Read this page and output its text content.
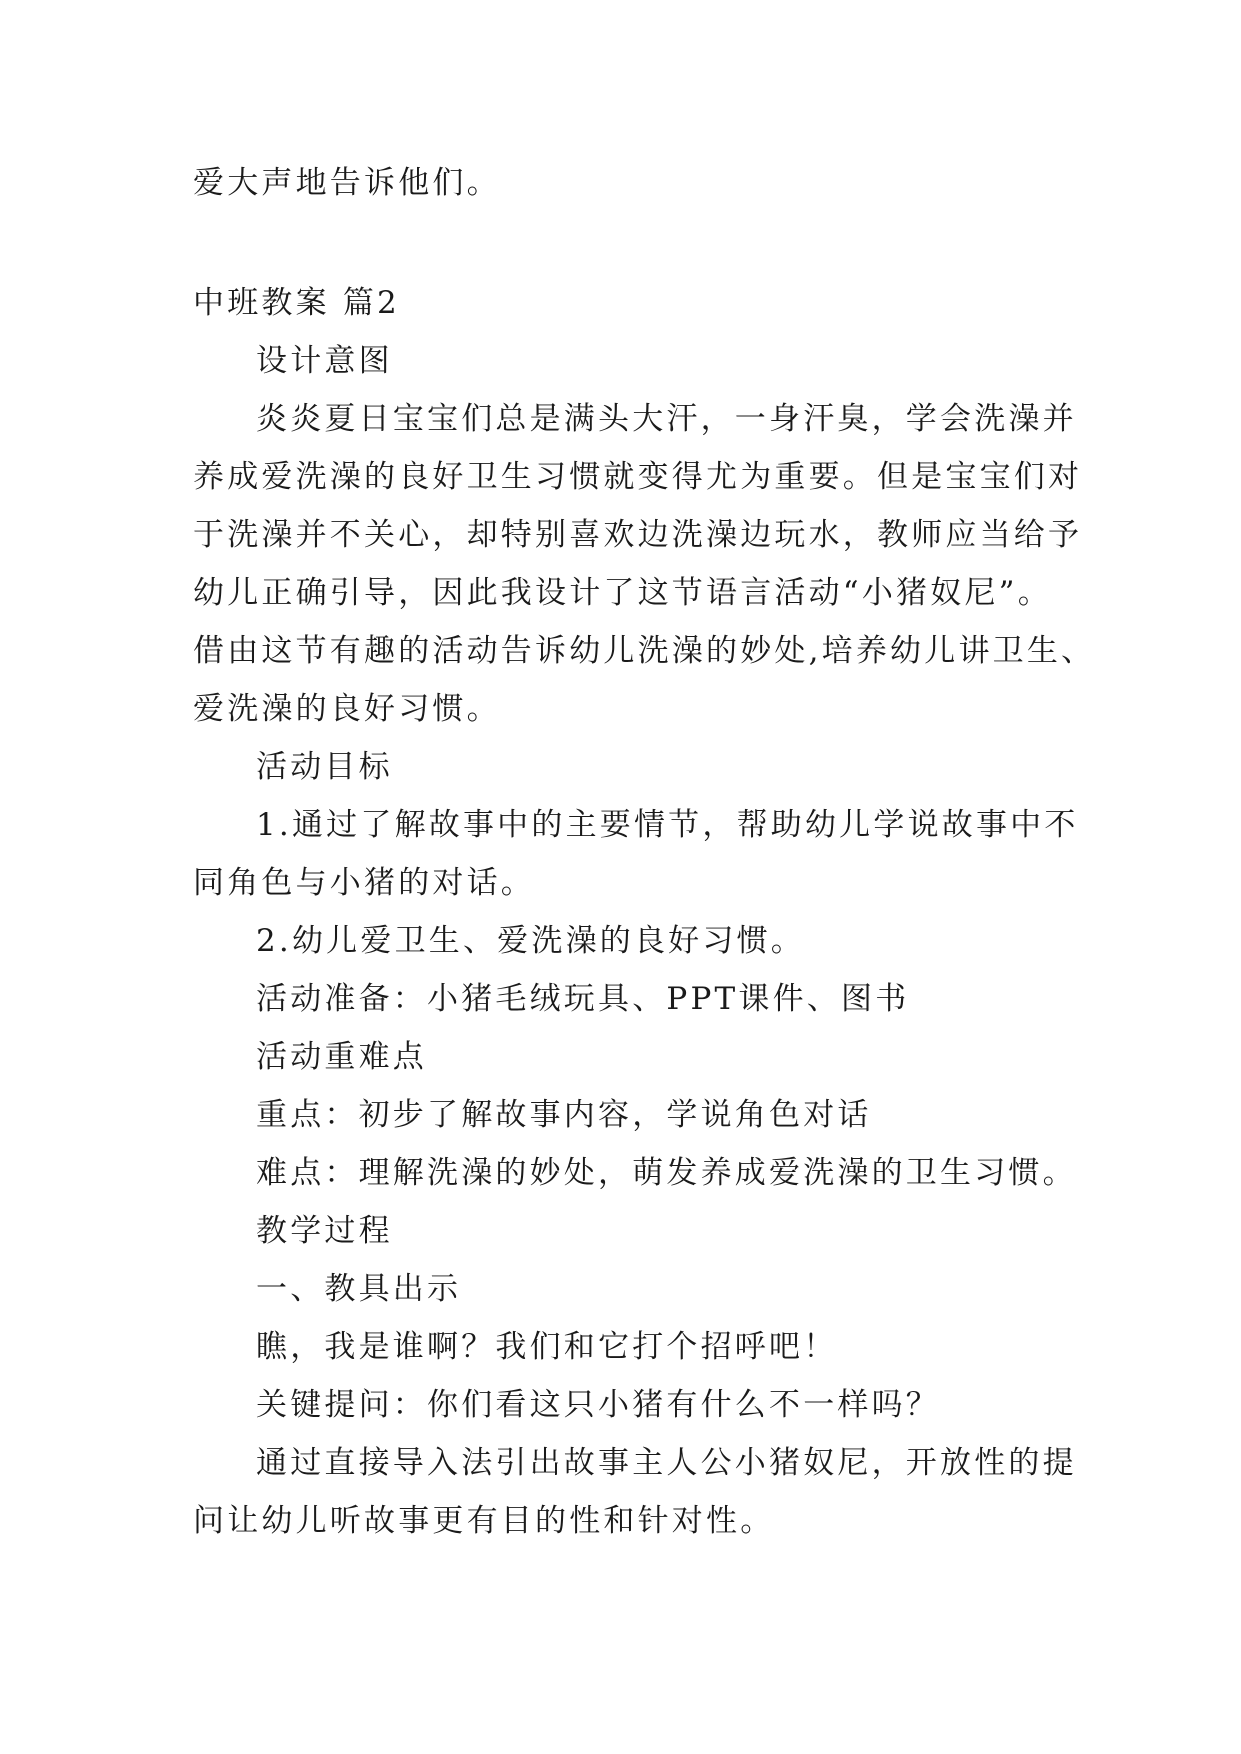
爱大声地告诉他们。
中班教案 篇2
设计意图
炎炎夏日宝宝们总是满头大汗，一身汗臭，学会洗澡并
养成爱洗澡的良好卫生习惯就变得尤为重要。但是宝宝们对
于洗澡并不关心，却特别喜欢边洗澡边玩水，教师应当给予
幼儿正确引导，因此我设计了这节语言活动“小猪奴尼”。
借由这节有趣的活动告诉幼儿洗澡的妙处,培养幼儿讲卫生、
爱洗澡的良好习惯。
活动目标
1.通过了解故事中的主要情节，帮助幼儿学说故事中不
同角色与小猪的对话。
2.幼儿爱卫生、爱洗澡的良好习惯。
活动准备：小猪毛绒玩具、PPT课件、图书
活动重难点
重点：初步了解故事内容，学说角色对话
难点：理解洗澡的妙处，萌发养成爱洗澡的卫生习惯。
教学过程
一、教具出示
瞧，我是谁啊？我们和它打个招呼吧！
关键提问：你们看这只小猪有什么不一样吗？
通过直接导入法引出故事主人公小猪奴尼，开放性的提
问让幼儿听故事更有目的性和针对性。
